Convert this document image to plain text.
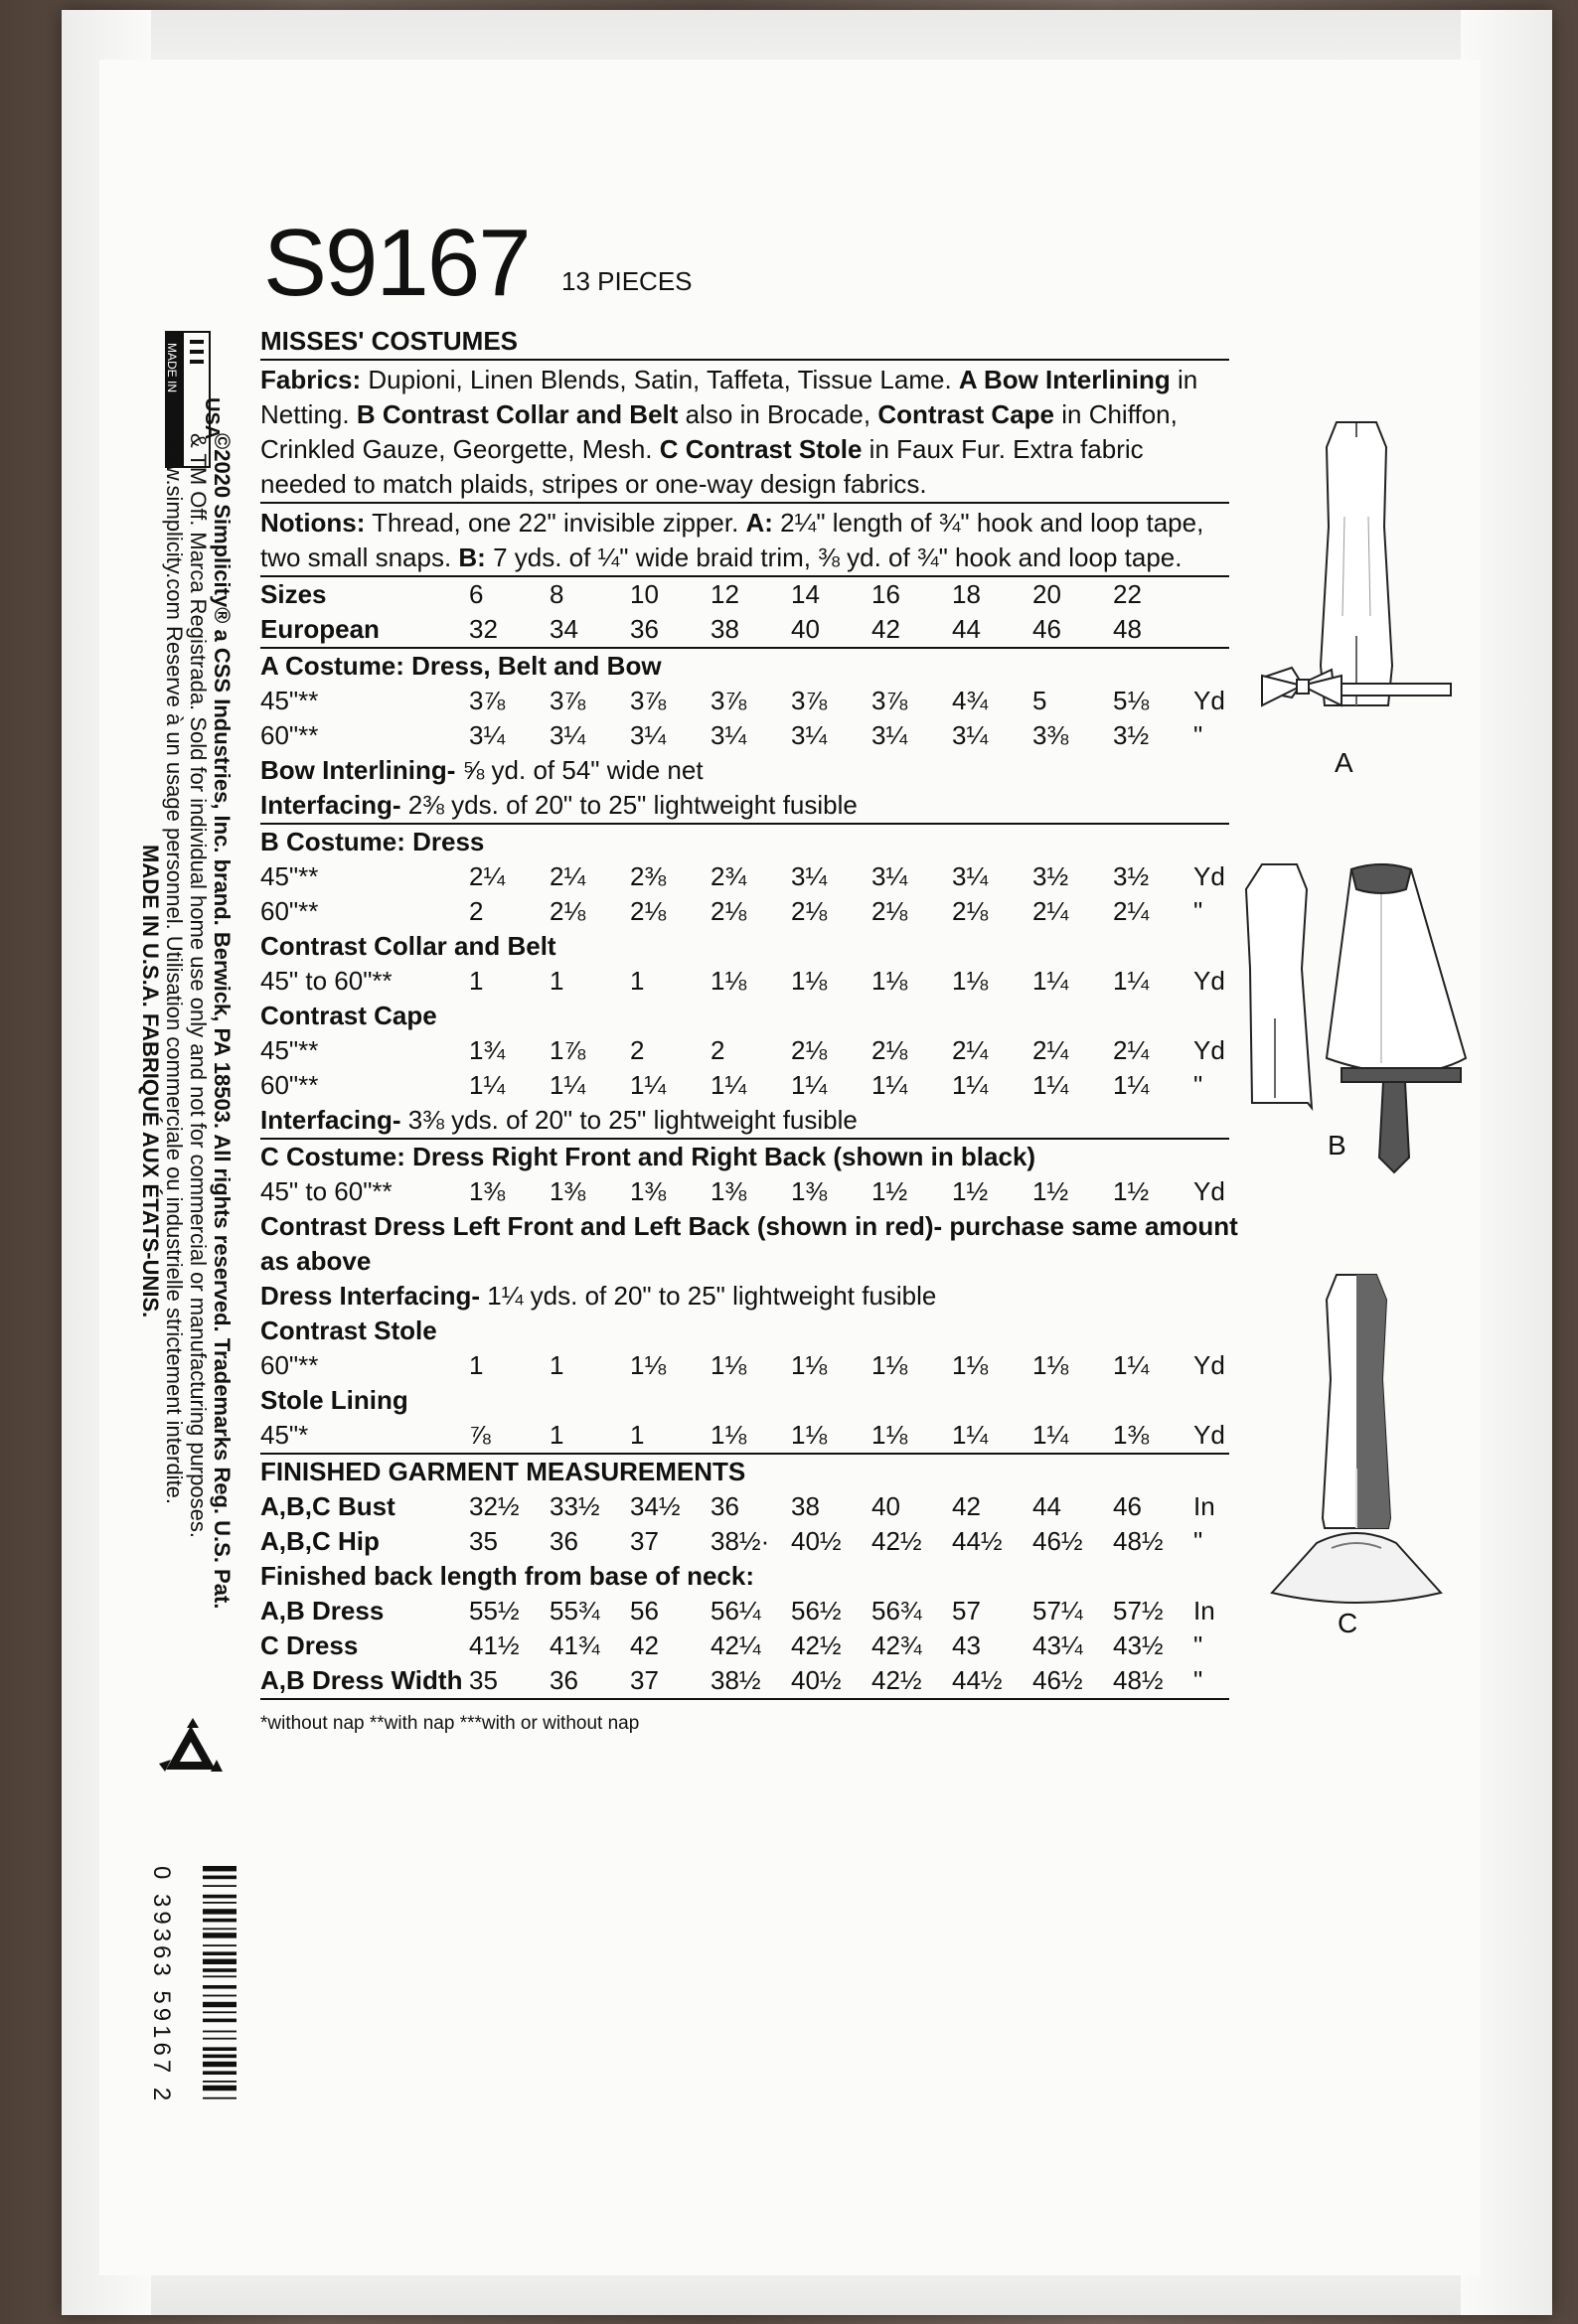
S9167 13 PIECES
MISSES' COSTUMES

Fabrics: Dupioni, Linen Blends, Satin, Taffeta, Tissue Lame. A Bow Interlining in Netting. B Contrast Collar and Belt also in Brocade, Contrast Cape in Chiffon, Crinkled Gauze, Georgette, Mesh. C Contrast Stole in Faux Fur. Extra fabric needed to match plaids, stripes or one-way design fabrics.

Notions: Thread, one 22" invisible zipper. A: 2¼" length of ¾" hook and loop tape, two small snaps. B: 7 yds. of ¼" wide braid trim, ⅜ yd. of ¾" hook and loop tape.

Sizes	6	8	10	12	14	16	18	20	22	
European	32	34	36	38	40	42	44	46	48	
A Costume: Dress, Belt and Bow
45"**	3⅞	3⅞	3⅞	3⅞	3⅞	3⅞	4¾	5	5⅛	Yd
60"**	3¼	3¼	3¼	3¼	3¼	3¼	3¼	3⅜	3½	"
Bow Interlining- ⅝ yd. of 54" wide net
Interfacing- 2⅜ yds. of 20" to 25" lightweight fusible
B Costume: Dress
45"**	2¼	2¼	2⅜	2¾	3¼	3¼	3¼	3½	3½	Yd
60"**	2	2⅛	2⅛	2⅛	2⅛	2⅛	2⅛	2¼	2¼	"
Contrast Collar and Belt
45" to 60"**	1	1	1	1⅛	1⅛	1⅛	1⅛	1¼	1¼	Yd
Contrast Cape
45"**	1¾	1⅞	2	2	2⅛	2⅛	2¼	2¼	2¼	Yd
60"**	1¼	1¼	1¼	1¼	1¼	1¼	1¼	1¼	1¼	"
Interfacing- 3⅜ yds. of 20" to 25" lightweight fusible
C Costume: Dress Right Front and Right Back (shown in black)
45" to 60"**	1⅜	1⅜	1⅜	1⅜	1⅜	1½	1½	1½	1½	Yd
Contrast Dress Left Front and Left Back (shown in red)- purchase same amount
as above
Dress Interfacing- 1¼ yds. of 20" to 25" lightweight fusible
Contrast Stole
60"**	1	1	1⅛	1⅛	1⅛	1⅛	1⅛	1⅛	1¼	Yd
Stole Lining
45"*	⅞	1	1	1⅛	1⅛	1⅛	1¼	1¼	1⅜	Yd
FINISHED GARMENT MEASUREMENTS
A,B,C Bust	32½	33½	34½	36	38	40	42	44	46	In
A,B,C Hip	35	36	37	38½·	40½	42½	44½	46½	48½	"
Finished back length from base of neck:
A,B Dress	55½	55¾	56	56¼	56½	56¾	57	57¼	57½	In
C Dress	41½	41¾	42	42¼	42½	42¾	43	43¼	43½	"
A,B Dress Width	35	36	37	38½	40½	42½	44½	46½	48½	"
*without nap **with nap ***with or without nap
MADE IN
USA
©2020 Simplicity® a CSS Industries, Inc. brand. Berwick, PA 18503. All rights reserved. Trademarks Reg. U.S. Pat.
& TM Off. Marca Registrada. Sold for individual home use only and not for commercial or manufacturing purposes.
www.simplicity.com Reserve à un usage personnel. Utilisation commerciale ou industrielle strictement interdite.
MADE IN U.S.A. FABRIQUÉ AUX ÉTATS-UNIS.
0 39363 59167 2
A
B
C
